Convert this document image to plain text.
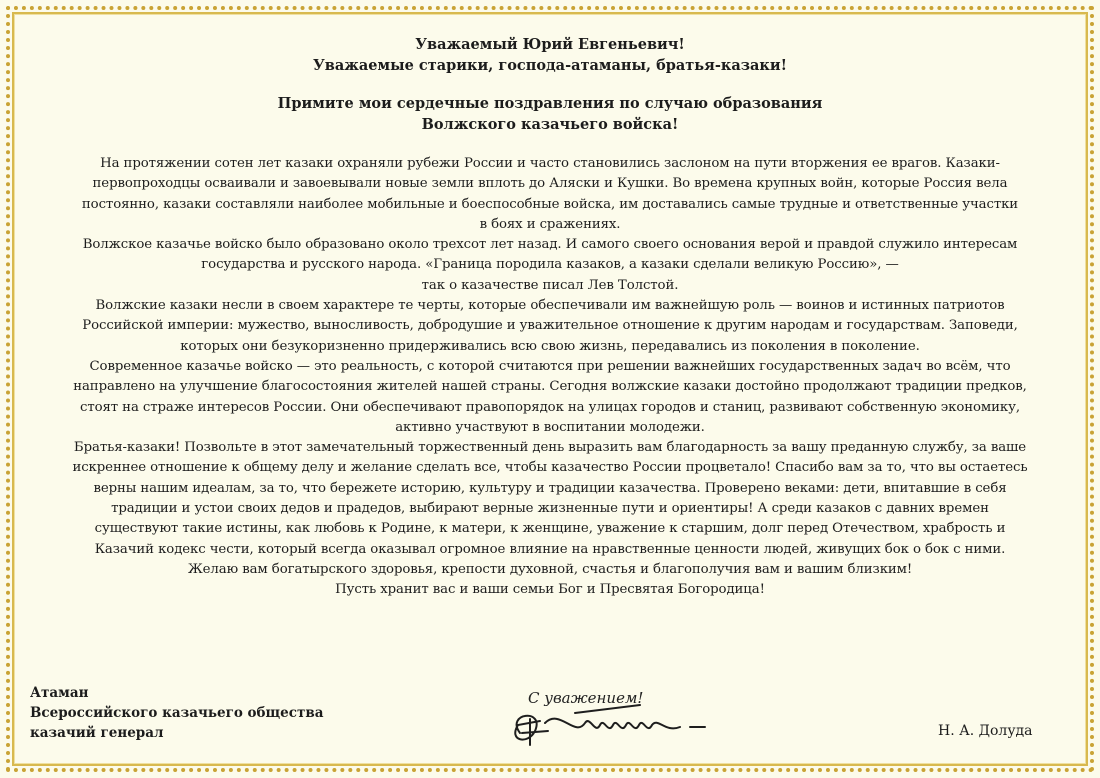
Уважаемый Юрий Евгеньевич!
Уважаемые старики, господа-атаманы, братья-казаки!
Примите мои сердечные поздравления по случаю образования
Волжского казачьего войска!

На протяжении сотен лет казаки охраняли рубежи России и часто становились заслоном на пути вторжения ее врагов. Казаки-

первопроходцы осваивали и завоевывали новые земли вплоть до Аляски и Кушки. Во времена крупных войн, которые Россия вела

постоянно, казаки составляли наиболее мобильные и боеспособные войска, им доставались самые трудные и ответственные участки

в боях и сражениях.

Волжское казачье войско было образовано около трехсот лет назад. И самого своего основания верой и правдой служило интересам

государства и русского народа. «Граница породила казаков, а казаки сделали великую Россию», —

так о казачестве писал Лев Толстой.

Волжские казаки несли в своем характере те черты, которые обеспечивали им важнейшую роль — воинов и истинных патриотов

Российской империи: мужество, выносливость, добродушие и уважительное отношение к другим народам и государствам. Заповеди,

которых они безукоризненно придерживались всю свою жизнь, передавались из поколения в поколение.

Современное казачье войско — это реальность, с которой считаются при решении важнейших государственных задач во всём, что

направлено на улучшение благосостояния жителей нашей страны. Сегодня волжские казаки достойно продолжают традиции предков,

стоят на страже интересов России. Они обеспечивают правопорядок на улицах городов и станиц, развивают собственную экономику,

активно участвуют в воспитании молодежи.

Братья-казаки! Позвольте в этот замечательный торжественный день выразить вам благодарность за вашу преданную службу, за ваше

искреннее отношение к общему делу и желание сделать все, чтобы казачество России процветало! Спасибо вам за то, что вы остаетесь

верны нашим идеалам, за то, что бережете историю, культуру и традиции казачества. Проверено веками: дети, впитавшие в себя

традиции и устои своих дедов и прадедов, выбирают верные жизненные пути и ориентиры! А среди казаков с давних времен

существуют такие истины, как любовь к Родине, к матери, к женщине, уважение к старшим, долг перед Отечеством, храбрость и

Казачий кодекс чести, который всегда оказывал огромное влияние на нравственные ценности людей, живущих бок о бок с ними.

Желаю вам богатырского здоровья, крепости духовной, счастья и благополучия вам и вашим близким!

Пусть хранит вас и ваши семьи Бог и Пресвятая Богородица!

Атаман
Всероссийского казачьего общества
казачий генерал
С уважением!
Н. А. Долуда
